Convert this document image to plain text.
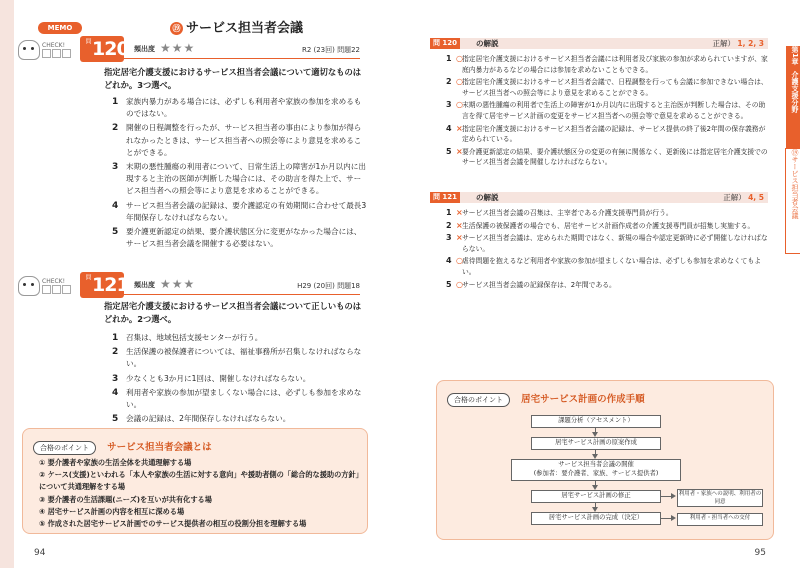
MEMO
CHECK!
⑲ サービス担当者会議
問 120 頻出度 ★★★	R2 (23回) 問題22
指定居宅介護支援におけるサービス担当者会議について適切なものはどれか。3つ選べ。
1 家族内暴力がある場合には、必ずしも利用者や家族の参加を求めるものではない。
2 開催の日程調整を行ったが、サービス担当者の事由により参加が得られなかったときは、サービス担当者への照会等により意見を求めることができる。
3 末期の悪性腫瘍の利用者について、日常生活上の障害が1か月以内に出現すると主治の医師が判断した場合には、その助言を得た上で、サービス担当者への照会等により意見を求めることができる。
4 サービス担当者会議の記録は、要介護認定の有効期間に合わせて最長3年間保存しなければならない。
5 要介護更新認定の結果、要介護状態区分に変更がなかった場合には、サービス担当者会議を開催する必要はない。
CHECK!
問 121 頻出度 ★★★	H29 (20回) 問題18
指定居宅介護支援におけるサービス担当者会議について正しいものはどれか。2つ選べ。
1 召集は、地域包括支援センターが行う。
2 生活保護の被保護者については、福祉事務所が召集しなければならない。
3 少なくとも3か月に1回は、開催しなければならない。
4 利用者や家族の参加が望ましくない場合には、必ずしも参加を求めない。
5 会議の記録は、2年間保存しなければならない。
合格のポイント サービス担当者会議とは
① 要介護者や家族の生活全体を共通理解する場
② ケース(支援)といわれる「本人や家族の生活に対する意向」や援助者側の「総合的な援助の方針」について共通理解をする場
③ 要介護者の生活課題(ニーズ)を互いが共有化する場
④ 居宅サービス計画の内容を相互に深める場
⑤ 作成された居宅サービス計画でのサービス提供者の相互の役割分担を理解する場
94
第1章 介護支援分野
⑲サービス担当者会議
問 120	の解説	正解） 1, 2, 3
1 ○ 指定居宅介護支援におけるサービス担当者会議には利用者及び家族の参加が求められていますが、家庭内暴力があるなどの場合には参加を求めないこともできる。
2 ○ 指定居宅介護支援におけるサービス担当者会議で、日程調整を行っても会議に参加できない場合は、サービス担当者への照会等により意見を求めることができる。
3 ○ 末期の悪性腫瘍の利用者で生活上の障害が1か月以内に出現すると主治医が判断した場合は、その助言を得て居宅サービス計画の変更をサービス担当者への照会等で意見を求めることができる。
4 × 指定居宅介護支援におけるサービス担当者会議の記録は、サービス提供の終了後2年間の保存義務が定められている。
5 × 要介護更新認定の結果、要介護状態区分の変更の有無に関係なく、更新後には指定居宅介護支援でのサービス担当者会議を開催しなければならない。
問 121	の解説	正解） 4, 5
1 × サービス担当者会議の召集は、主宰者である介護支援専門員が行う。
2 × 生活保護の被保護者の場合でも、居宅サービス計画作成者の介護支援専門員が招集し実施する。
3 × サービス担当者会議は、定められた期間ではなく、新規の場合や認定更新時に必ず開催しなければならない。
4 ○ 虐待問題を抱えるなど利用者や家族の参加が望ましくない場合は、必ずしも参加を求めなくてもよい。
5 ○ サービス担当者会議の記録保存は、2年間である。
合格のポイント 居宅サービス計画の作成手順
課題分析（アセスメント）
居宅サービス計画の原案作成
サービス担当者会議の開催
(参加者：要介護者、家族、サービス提供者)
居宅サービス計画の修正
居宅サービス計画の完成（決定）
利用者・家族への説明、利用者の同意
利用者・担当者への交付
95
